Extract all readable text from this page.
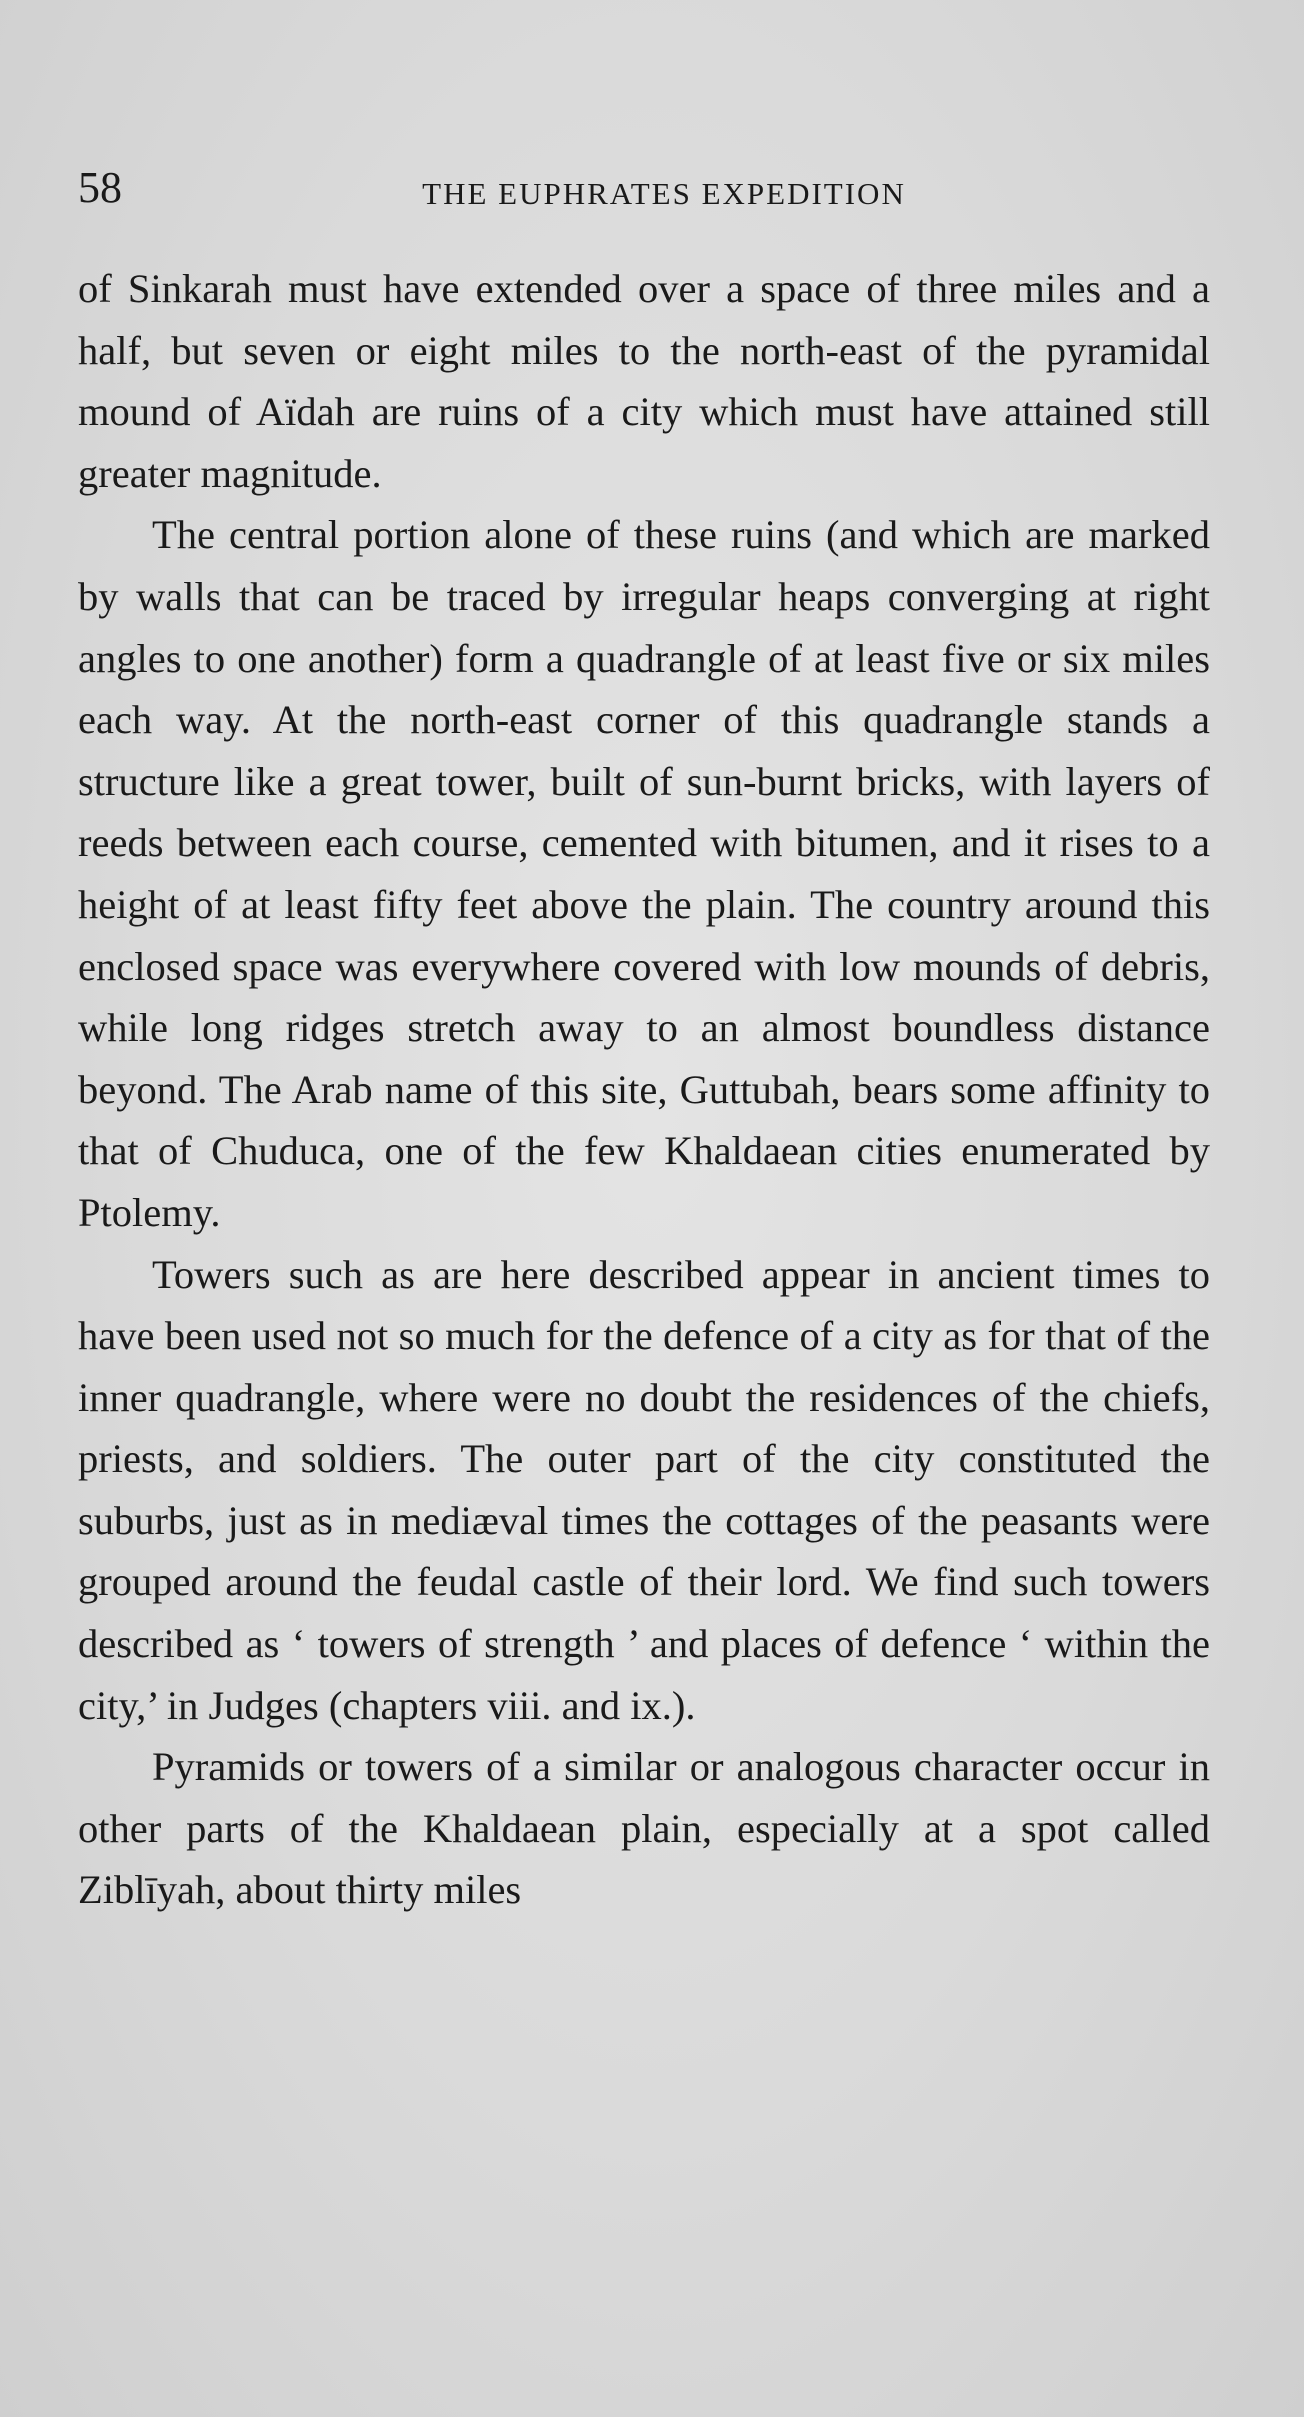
58	THE EUPHRATES EXPEDITION

of Sinkarah must have extended over a space of three miles and a half, but seven or eight miles to the north-east of the pyramidal mound of Aïdah are ruins of a city which must have attained still greater magnitude.

The central portion alone of these ruins (and which are marked by walls that can be traced by irregular heaps converging at right angles to one another) form a quadrangle of at least five or six miles each way. At the north-east corner of this quadrangle stands a structure like a great tower, built of sun-burnt bricks, with layers of reeds between each course, cemented with bitumen, and it rises to a height of at least fifty feet above the plain. The country around this enclosed space was everywhere covered with low mounds of debris, while long ridges stretch away to an almost boundless distance beyond. The Arab name of this site, Guttubah, bears some affinity to that of Chuduca, one of the few Khaldaean cities enumerated by Ptolemy.

Towers such as are here described appear in ancient times to have been used not so much for the defence of a city as for that of the inner quadrangle, where were no doubt the residences of the chiefs, priests, and soldiers. The outer part of the city constituted the suburbs, just as in mediæval times the cottages of the peasants were grouped around the feudal castle of their lord. We find such towers described as ‘ towers of strength ’ and places of defence ‘ within the city,’ in Judges (chapters viii. and ix.).

Pyramids or towers of a similar or analogous character occur in other parts of the Khaldaean plain, especially at a spot called Ziblīyah, about thirty miles
